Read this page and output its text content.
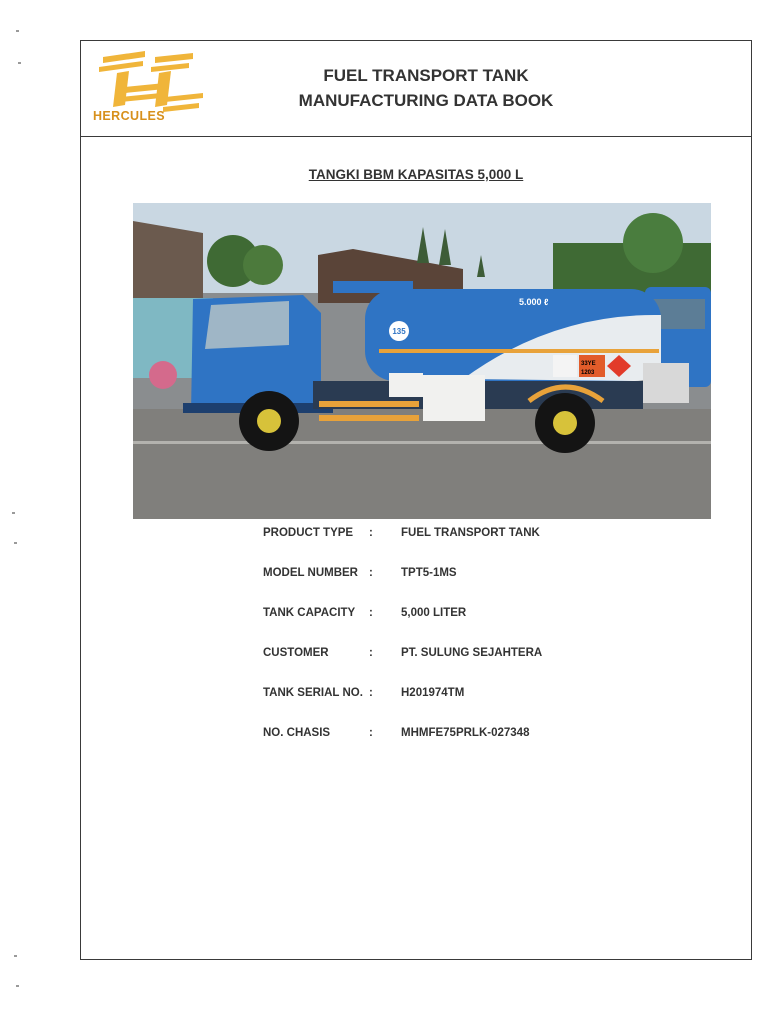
HERCULES
FUEL TRANSPORT TANK
MANUFACTURING DATA BOOK
TANGKI BBM KAPASITAS 5,000 L
5.000 ℓ
135
33YE
1203
PRODUCT TYPE : FUEL TRANSPORT TANK
MODEL NUMBER : TPT5-1MS
TANK CAPACITY : 5,000 LITER
CUSTOMER	: PT. SULUNG SEJAHTERA
TANK SERIAL NO. : H201974TM
NO. CHASIS	: MHMFE75PRLK-027348
